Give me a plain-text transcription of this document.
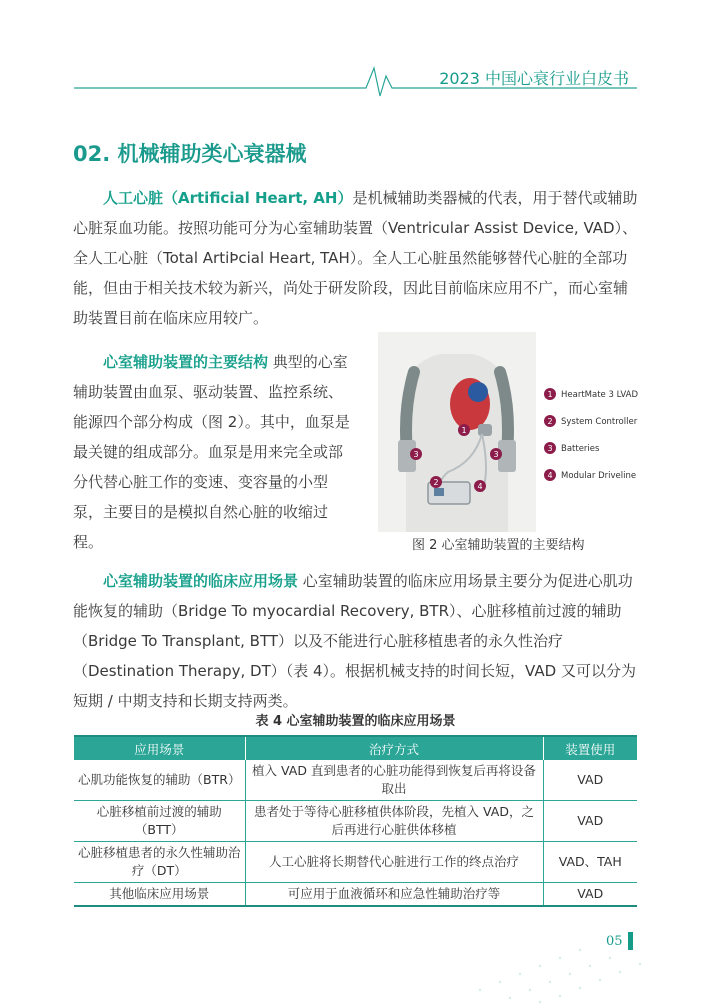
2023 中国心衰行业白皮书
02. 机械辅助类心衰器械
人工心脏（Artificial Heart, AH）是机械辅助类器械的代表，用于替代或辅助心脏泵血功能。按照功能可分为心室辅助装置（Ventricular Assist Device, VAD）、全人工心脏（Total ArtiÞcial Heart, TAH）。全人工心脏虽然能够替代心脏的全部功能，但由于相关技术较为新兴，尚处于研发阶段，因此目前临床应用不广，而心室辅助装置目前在临床应用较广。
心室辅助装置的主要结构 典型的心室辅助装置由血泵、驱动装置、监控系统、能源四个部分构成（图 2）。其中，血泵是最关键的组成部分。血泵是用来完全或部分代替心脏工作的变速、变容量的小型泵，主要目的是模拟自然心脏的收缩过程。
1
2
3	3
4
1 HeartMate 3 LVAD
2 System Controller
3 Batteries
4 Modular Driveline
图 2 心室辅助装置的主要结构
心室辅助装置的临床应用场景 心室辅助装置的临床应用场景主要分为促进心肌功能恢复的辅助（Bridge To myocardial Recovery, BTR）、心脏移植前过渡的辅助（Bridge To Transplant, BTT）以及不能进行心脏移植患者的永久性治疗（Destination Therapy, DT）（表 4）。根据机械支持的时间长短，VAD 又可以分为短期 / 中期支持和长期支持两类。
表 4 心室辅助装置的临床应用场景
应用场景	治疗方式	装置使用
心肌功能恢复的辅助（BTR）	植入 VAD 直到患者的心脏功能得到恢复后再将设备取出	VAD
心脏移植前过渡的辅助（BTT）	患者处于等待心脏移植供体阶段，先植入 VAD，之后再进行心脏供体移植	VAD
心脏移植患者的永久性辅助治疗（DT）	人工心脏将长期替代心脏进行工作的终点治疗	VAD、TAH
其他临床应用场景	可应用于血液循环和应急性辅助治疗等	VAD
05
